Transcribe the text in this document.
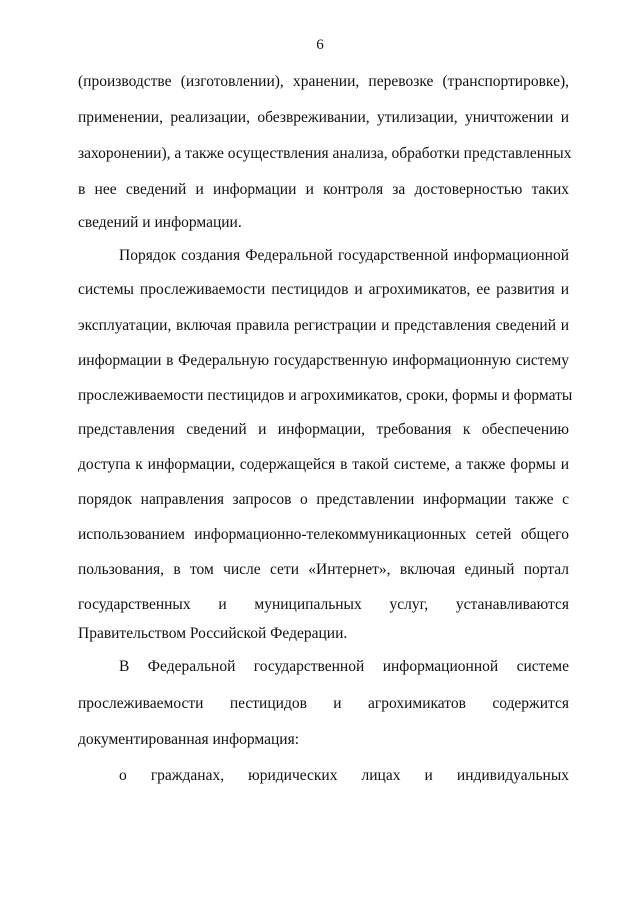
6
(производстве (изготовлении), хранении, перевозке (транспортировке),
применении, реализации, обезвреживании, утилизации, уничтожении и
захоронении), а также осуществления анализа, обработки представленных
в нее сведений и информации и контроля за достоверностью таких
сведений и информации.
Порядок создания Федеральной государственной информационной
системы прослеживаемости пестицидов и агрохимикатов, ее развития и
эксплуатации, включая правила регистрации и представления сведений и
информации в Федеральную государственную информационную систему
прослеживаемости пестицидов и агрохимикатов, сроки, формы и форматы
представления сведений и информации, требования к обеспечению
доступа к информации, содержащейся в такой системе, а также формы и
порядок направления запросов о представлении информации также с
использованием информационно-телекоммуникационных сетей общего
пользования, в том числе сети «Интернет», включая единый портал
государственных и муниципальных услуг, устанавливаются
Правительством Российской Федерации.
В Федеральной государственной информационной системе
прослеживаемости пестицидов и агрохимикатов содержится
документированная информация:
о гражданах, юридических лицах и индивидуальных
